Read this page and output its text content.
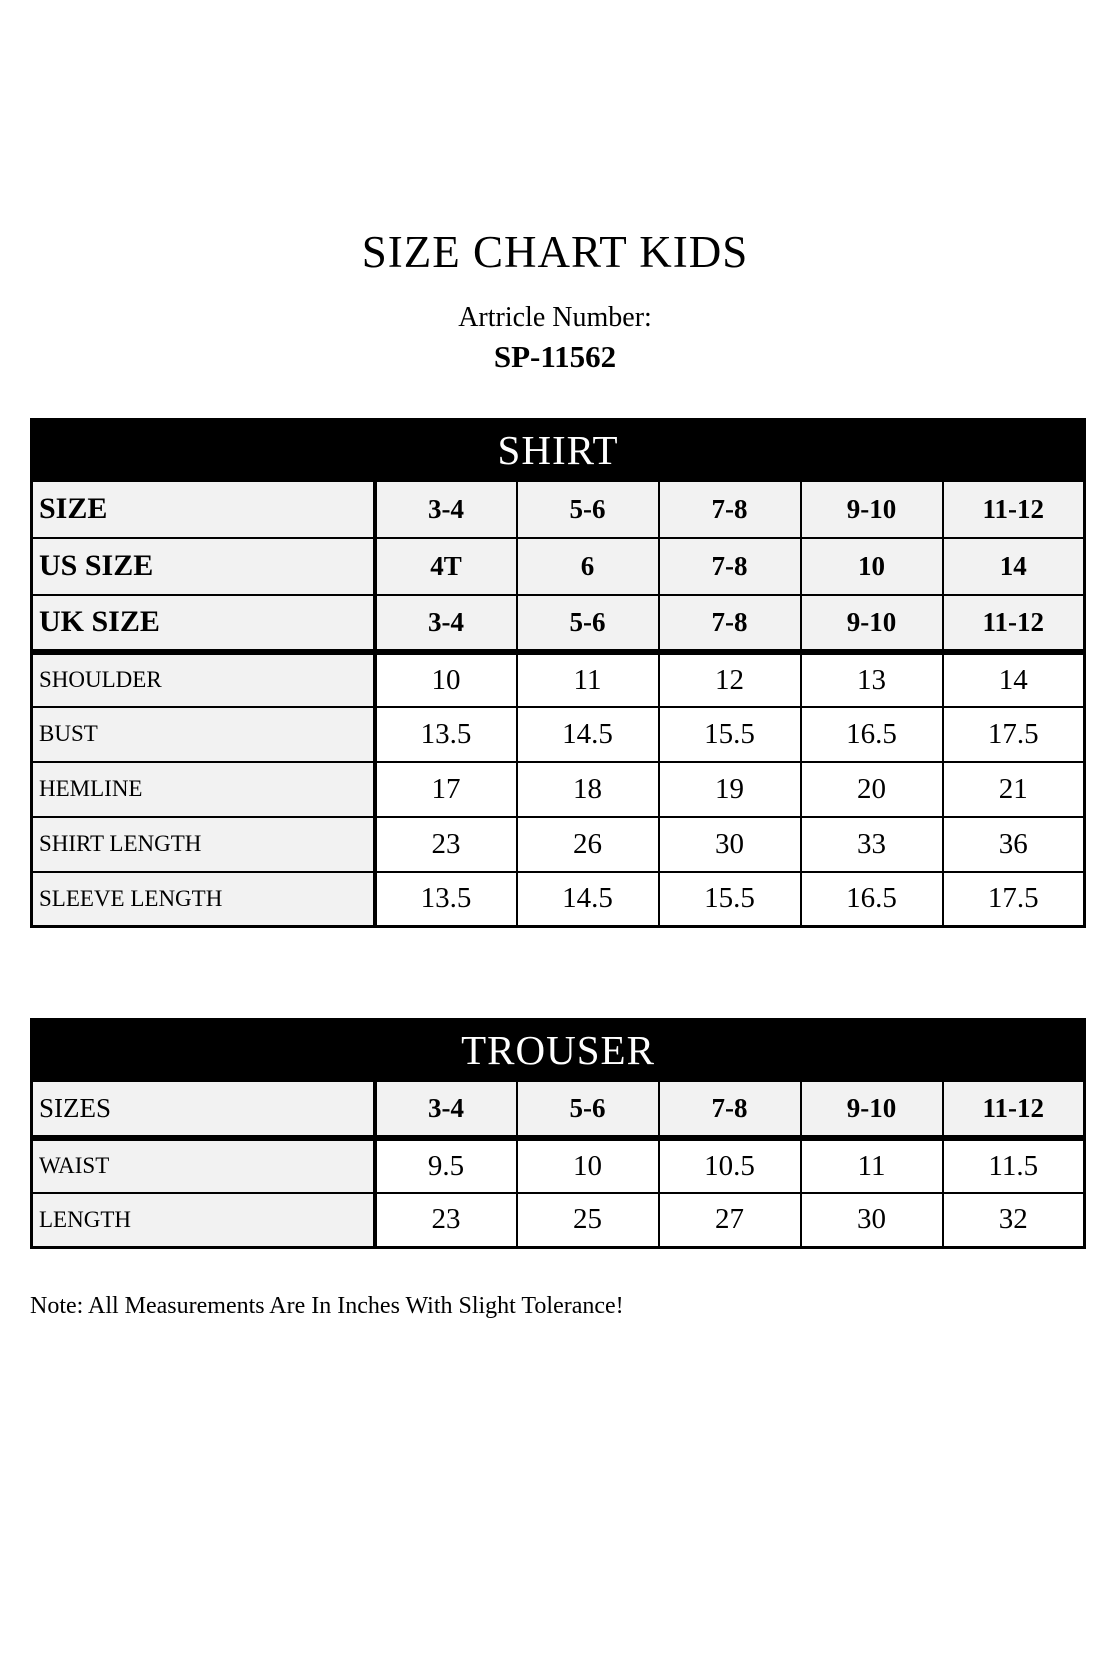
SIZE CHART KIDS
Artricle Number:
SP-11562
SHIRT					
SIZE	3-4	5-6	7-8	9-10	11-12
US SIZE	4T	6	7-8	10	14
UK SIZE	3-4	5-6	7-8	9-10	11-12
SHOULDER	10	11	12	13	14
BUST	13.5	14.5	15.5	16.5	17.5
HEMLINE	17	18	19	20	21
SHIRT LENGTH	23	26	30	33	36
SLEEVE LENGTH	13.5	14.5	15.5	16.5	17.5
TROUSER					
SIZES	3-4	5-6	7-8	9-10	11-12
WAIST	9.5	10	10.5	11	11.5
LENGTH	23	25	27	30	32
Note: All Measurements Are In Inches With Slight Tolerance!
